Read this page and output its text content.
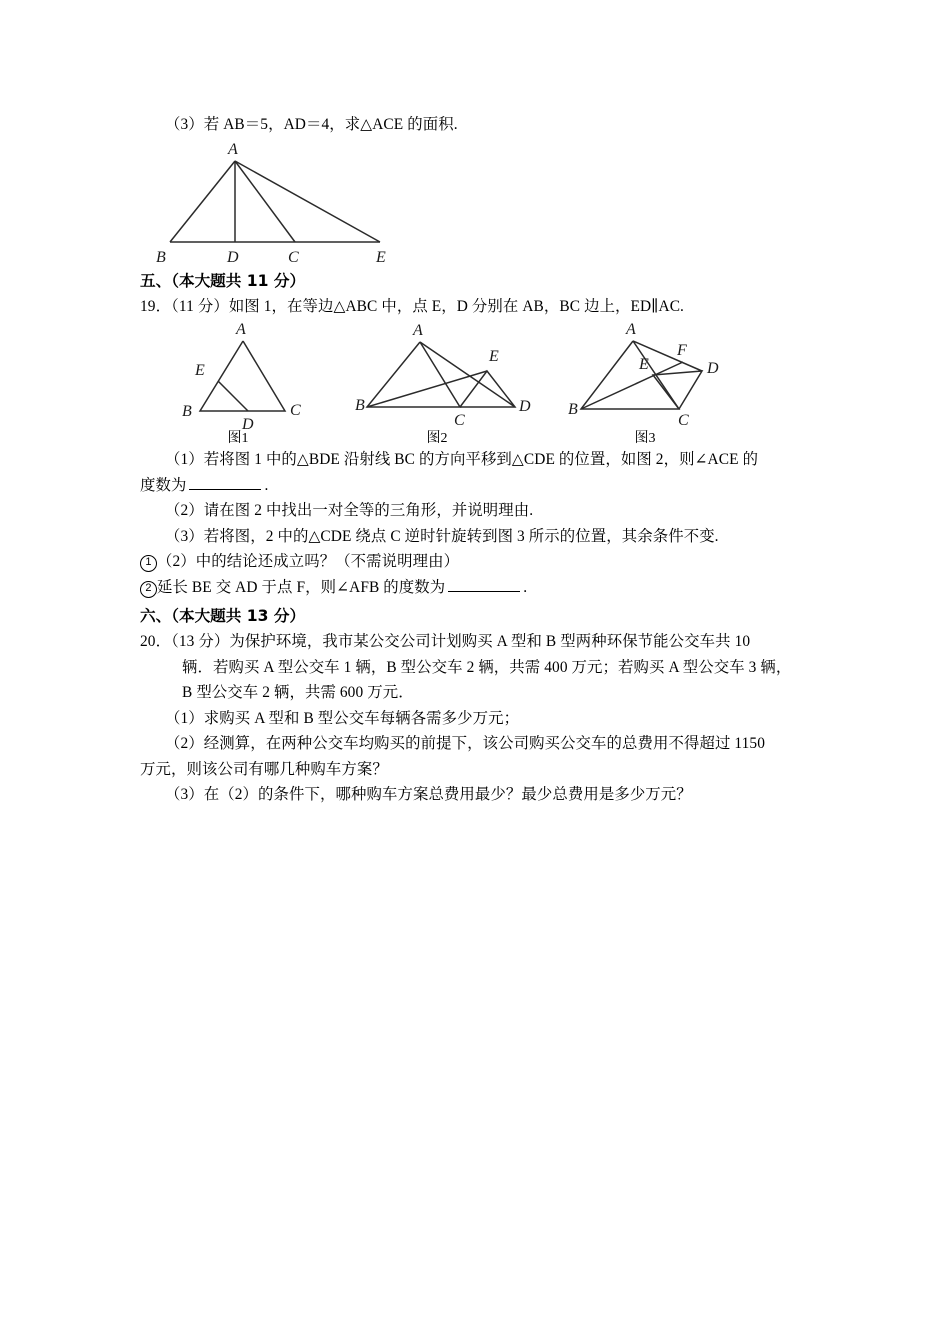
（3）若 AB＝5，AD＝4，求△ACE 的面积.
A
B	D	C	E
五、（本大题共 11 分）
19．（11 分）如图 1，在等边△ABC 中，点 E，D 分别在 AB，BC 边上，ED∥AC.
E
A
B
D
C
图1
A
E
B
C
D
图2
A
F
E	D
B
C
图3
（1）若将图 1 中的△BDE 沿射线 BC 的方向平移到△CDE 的位置，如图 2，则∠ACE 的
度数为	.
（2）请在图 2 中找出一对全等的三角形，并说明理由.
（3）若将图，2 中的△CDE 绕点 C 逆时针旋转到图 3 所示的位置，其余条件不变.
1 （2）中的结论还成立吗？（不需说明理由）
2 延长 BE 交 AD 于点 F，则∠AFB 的度数为	.
六、（本大题共 13 分）
20．（13 分）为保护环境，我市某公交公司计划购买 A 型和 B 型两种环保节能公交车共 10
辆．若购买 A 型公交车 1 辆，B 型公交车 2 辆，共需 400 万元；若购买 A 型公交车 3 辆，
B 型公交车 2 辆，共需 600 万元．
（1）求购买 A 型和 B 型公交车每辆各需多少万元；
（2）经测算，在两种公交车均购买的前提下，该公司购买公交车的总费用不得超过 1150
万元，则该公司有哪几种购车方案？
（3）在（2）的条件下，哪种购车方案总费用最少？最少总费用是多少万元？
